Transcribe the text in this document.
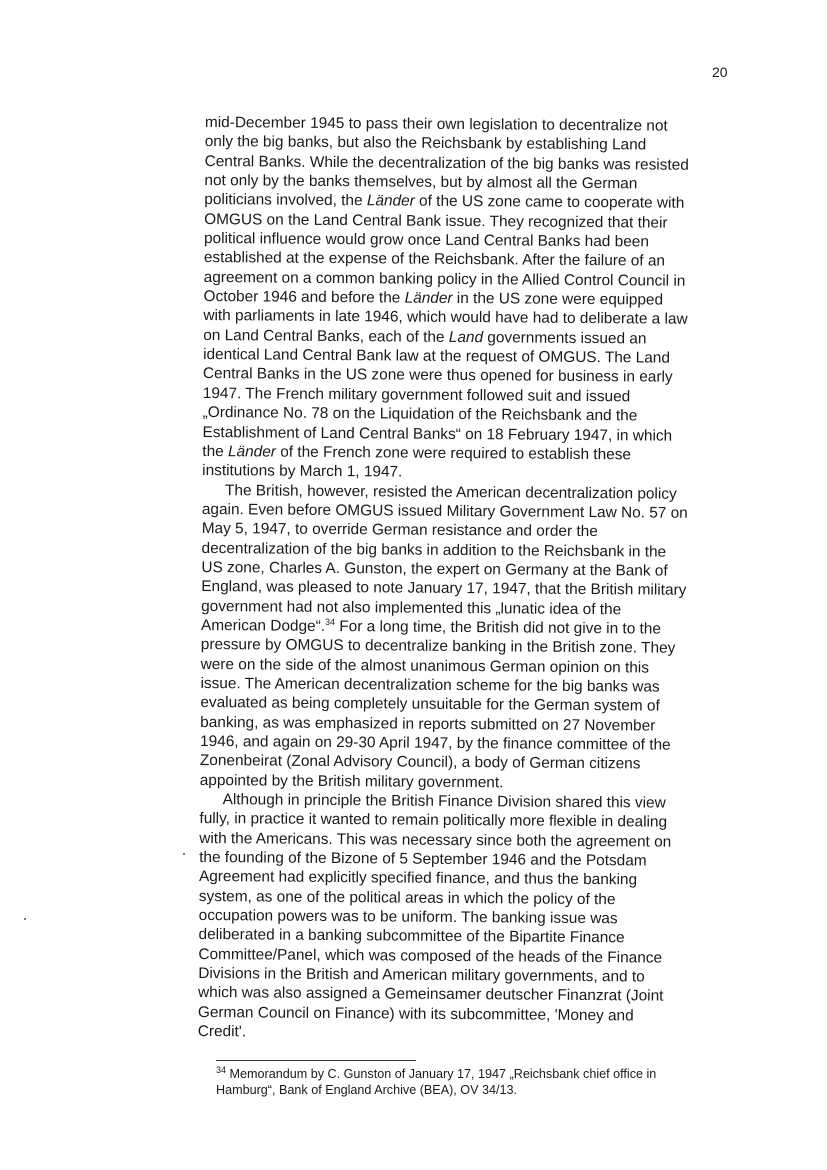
20

mid-December 1945 to pass their own legislation to decentralize not
only the big banks, but also the Reichsbank by establishing Land
Central Banks. While the decentralization of the big banks was resisted
not only by the banks themselves, but by almost all the German
politicians involved, the Länder of the US zone came to cooperate with
OMGUS on the Land Central Bank issue. They recognized that their
political influence would grow once Land Central Banks had been
established at the expense of the Reichsbank. After the failure of an
agreement on a common banking policy in the Allied Control Council in
October 1946 and before the Länder in the US zone were equipped
with parliaments in late 1946, which would have had to deliberate a law
on Land Central Banks, each of the Land governments issued an
identical Land Central Bank law at the request of OMGUS. The Land
Central Banks in the US zone were thus opened for business in early
1947. The French military government followed suit and issued
„Ordinance No. 78 on the Liquidation of the Reichsbank and the
Establishment of Land Central Banks“ on 18 February 1947, in which
the Länder of the French zone were required to establish these
institutions by March 1, 1947.

The British, however, resisted the American decentralization policy
again. Even before OMGUS issued Military Government Law No. 57 on
May 5, 1947, to override German resistance and order the
decentralization of the big banks in addition to the Reichsbank in the
US zone, Charles A. Gunston, the expert on Germany at the Bank of
England, was pleased to note January 17, 1947, that the British military
government had not also implemented this „lunatic idea of the
American Dodge“.$^{34}$ For a long time, the British did not give in to the
pressure by OMGUS to decentralize banking in the British zone. They
were on the side of the almost unanimous German opinion on this
issue. The American decentralization scheme for the big banks was
evaluated as being completely unsuitable for the German system of
banking, as was emphasized in reports submitted on 27 November
1946, and again on 29-30 April 1947, by the finance committee of the
Zonenbeirat (Zonal Advisory Council), a body of German citizens
appointed by the British military government.

Although in principle the British Finance Division shared this view
fully, in practice it wanted to remain politically more flexible in dealing
with the Americans. This was necessary since both the agreement on
the founding of the Bizone of 5 September 1946 and the Potsdam
Agreement had explicitly specified finance, and thus the banking
system, as one of the political areas in which the policy of the
occupation powers was to be uniform. The banking issue was
deliberated in a banking subcommittee of the Bipartite Finance
Committee/Panel, which was composed of the heads of the Finance
Divisions in the British and American military governments, and to
which was also assigned a Gemeinsamer deutscher Finanzrat (Joint
German Council on Finance) with its subcommittee, 'Money and
Credit'.

$^{34}$ Memorandum by C. Gunston of January 17, 1947 „Reichsbank chief office in
Hamburg“, Bank of England Archive (BEA), OV 34/13.
